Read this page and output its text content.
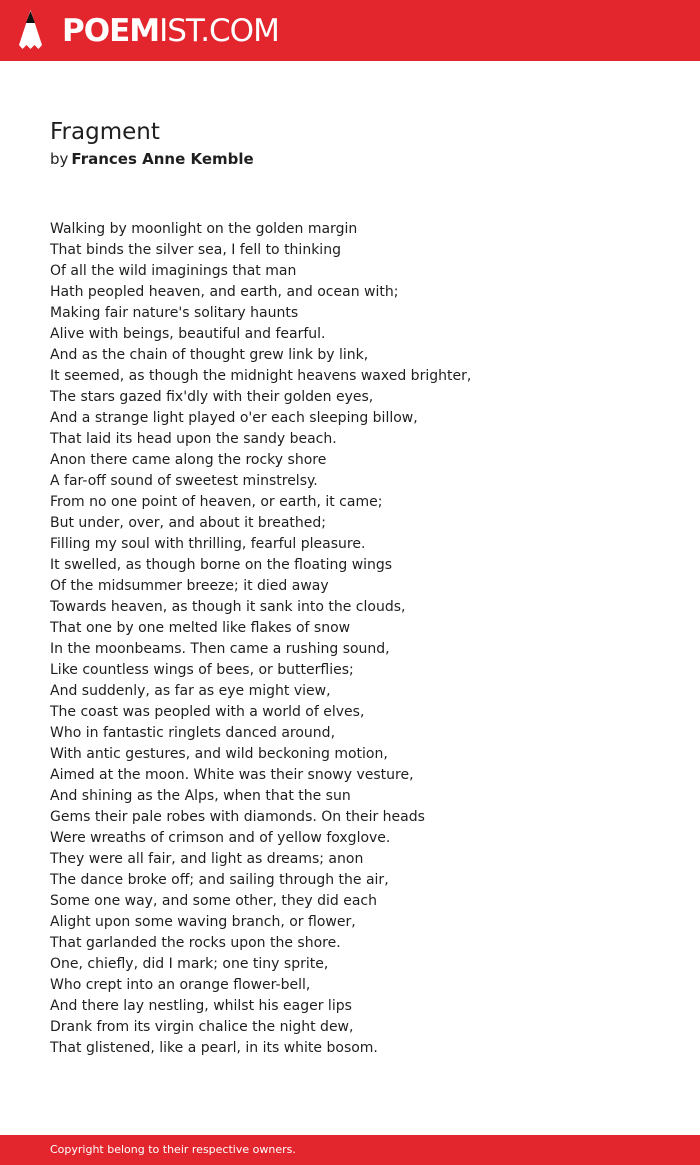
POEMIST.COM
Fragment
by Frances Anne Kemble
Walking by moonlight on the golden margin
That binds the silver sea, I fell to thinking
Of all the wild imaginings that man
Hath peopled heaven, and earth, and ocean with;
Making fair nature's solitary haunts
Alive with beings, beautiful and fearful.
And as the chain of thought grew link by link,
It seemed, as though the midnight heavens waxed brighter,
The stars gazed fix'dly with their golden eyes,
And a strange light played o'er each sleeping billow,
That laid its head upon the sandy beach.
Anon there came along the rocky shore
A far-off sound of sweetest minstrelsy.
From no one point of heaven, or earth, it came;
But under, over, and about it breathed;
Filling my soul with thrilling, fearful pleasure.
It swelled, as though borne on the floating wings
Of the midsummer breeze; it died away
Towards heaven, as though it sank into the clouds,
That one by one melted like flakes of snow
In the moonbeams. Then came a rushing sound,
Like countless wings of bees, or butterflies;
And suddenly, as far as eye might view,
The coast was peopled with a world of elves,
Who in fantastic ringlets danced around,
With antic gestures, and wild beckoning motion,
Aimed at the moon. White was their snowy vesture,
And shining as the Alps, when that the sun
Gems their pale robes with diamonds. On their heads
Were wreaths of crimson and of yellow foxglove.
They were all fair, and light as dreams; anon
The dance broke off; and sailing through the air,
Some one way, and some other, they did each
Alight upon some waving branch, or flower,
That garlanded the rocks upon the shore.
One, chiefly, did I mark; one tiny sprite,
Who crept into an orange flower-bell,
And there lay nestling, whilst his eager lips
Drank from its virgin chalice the night dew,
That glistened, like a pearl, in its white bosom.
Copyright belong to their respective owners.
